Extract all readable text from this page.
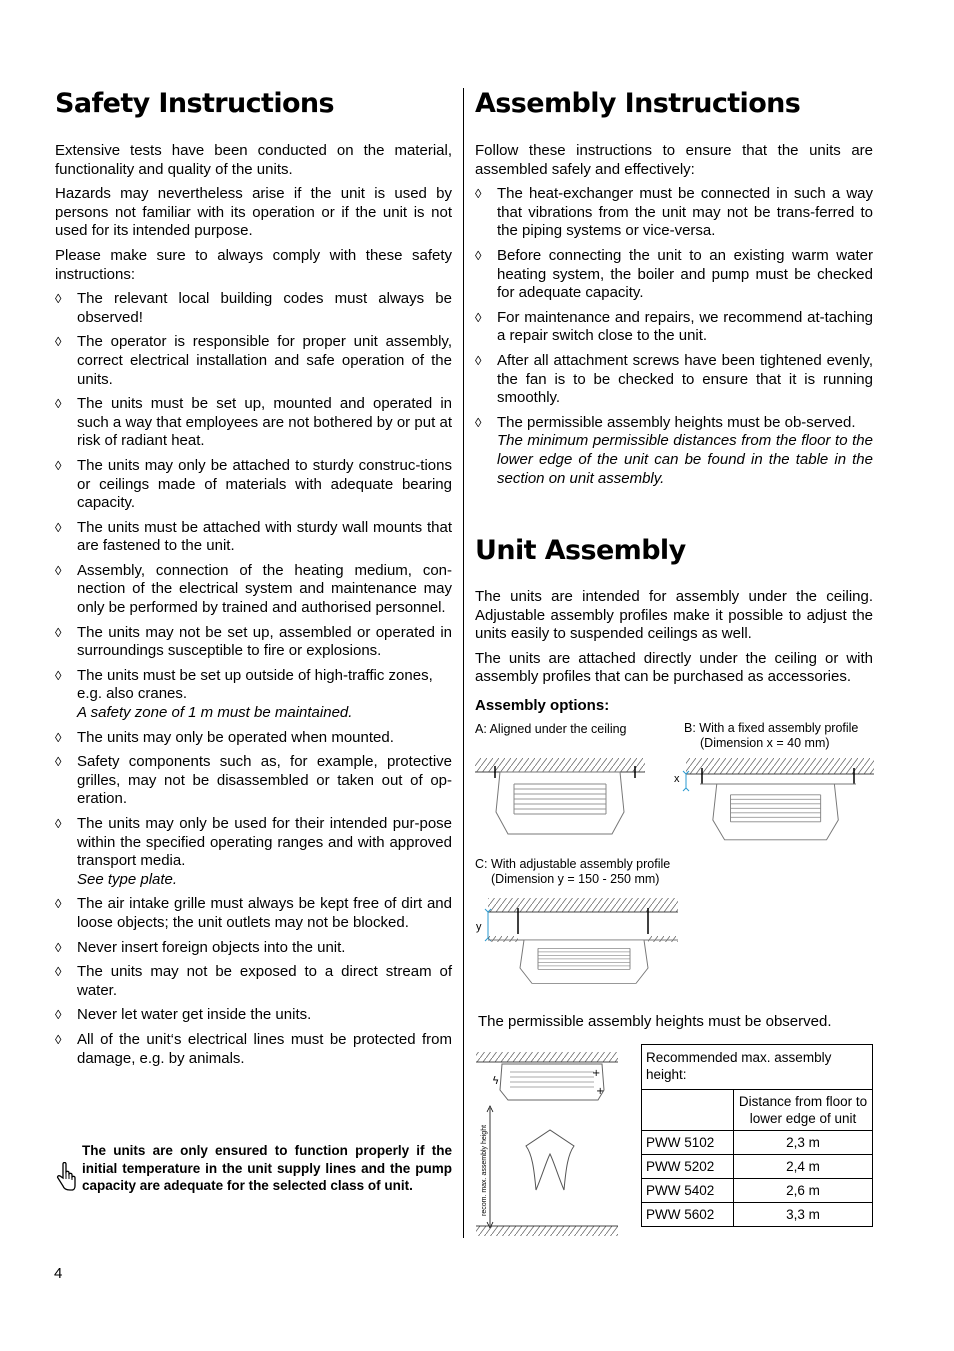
Safety Instructions

Extensive tests have been conducted on the material, functionality and quality of the units.

Hazards may nevertheless arise if the unit is used by persons not familiar with its operation or if the unit is not used for its intended purpose.

Please make sure to always comply with these safety instructions:

◊ The relevant local building codes must always be observed!
◊ The operator is responsible for proper unit assembly, correct electrical installation and safe operation of the units.
◊ The units must be set up, mounted and operated in such a way that employees are not bothered by or put at risk of radiant heat.
◊ The units may only be attached to sturdy construc-tions or ceilings made of materials with adequate bearing capacity.
◊ The units must be attached with sturdy wall mounts that are fastened to the unit.
◊ Assembly, connection of the heating medium, con-nection of the electrical system and maintenance may only be performed by trained and authorised personnel.
◊ The units may not be set up, assembled or operated in surroundings susceptible to fire or explosions.
◊ The units must be set up outside of high-traffic zones, e.g. also cranes.
A safety zone of 1 m must be maintained.
◊ The units may only be operated when mounted.
◊ Safety components such as, for example, protective grilles, may not be disassembled or taken out of op-eration.
◊ The units may only be used for their intended pur-pose within the specified operating ranges and with approved transport media.
See type plate.
◊ The air intake grille must always be kept free of dirt and loose objects; the unit outlets may not be blocked.
◊ Never insert foreign objects into the unit.
◊ The units may not be exposed to a direct stream of water.
◊ Never let water get inside the units.
◊ All of the unit‘s electrical lines must be protected from damage, e.g. by animals.
The units are only ensured to function properly if the initial temperature in the unit supply lines and the pump capacity are adequate for the selected class of unit.
Assembly Instructions

Follow these instructions to ensure that the units are assembled safely and effectively:

◊ The heat-exchanger must be connected in such a way that vibrations from the unit may not be trans-ferred to the piping systems or vice-versa.
◊ Before connecting the unit to an existing warm water heating system, the boiler and pump must be checked for adequate capacity.
◊ For maintenance and repairs, we recommend at-taching a repair switch close to the unit.
◊ After all attachment screws have been tightened evenly, the fan is to be checked to ensure that it is running smoothly.
◊ The permissible assembly heights must be ob-served.
The minimum permissible distances from the floor to the lower edge of the unit can be found in the table in the section on unit assembly.
Unit Assembly

The units are intended for assembly under the ceiling. Adjustable assembly profiles make it possible to adjust the units easily to suspended ceilings as well.

The units are attached directly under the ceiling or with assembly profiles that can be purchased as accessories.

Assembly options:

A: Aligned under the ceiling	B: With a fixed assembly profile
(Dimension x = 40 mm)
x
C: With adjustable assembly profile
(Dimension y = 150 - 250 mm)
y
The permissible assembly heights must be observed.
ϟ
+
+
recom. max. assembly height
Recommended max. assembly height:	
	Distance from floor to lower edge of unit
PWW 5102	2,3 m
PWW 5202	2,4 m
PWW 5402	2,6 m
PWW 5602	3,3 m
4
